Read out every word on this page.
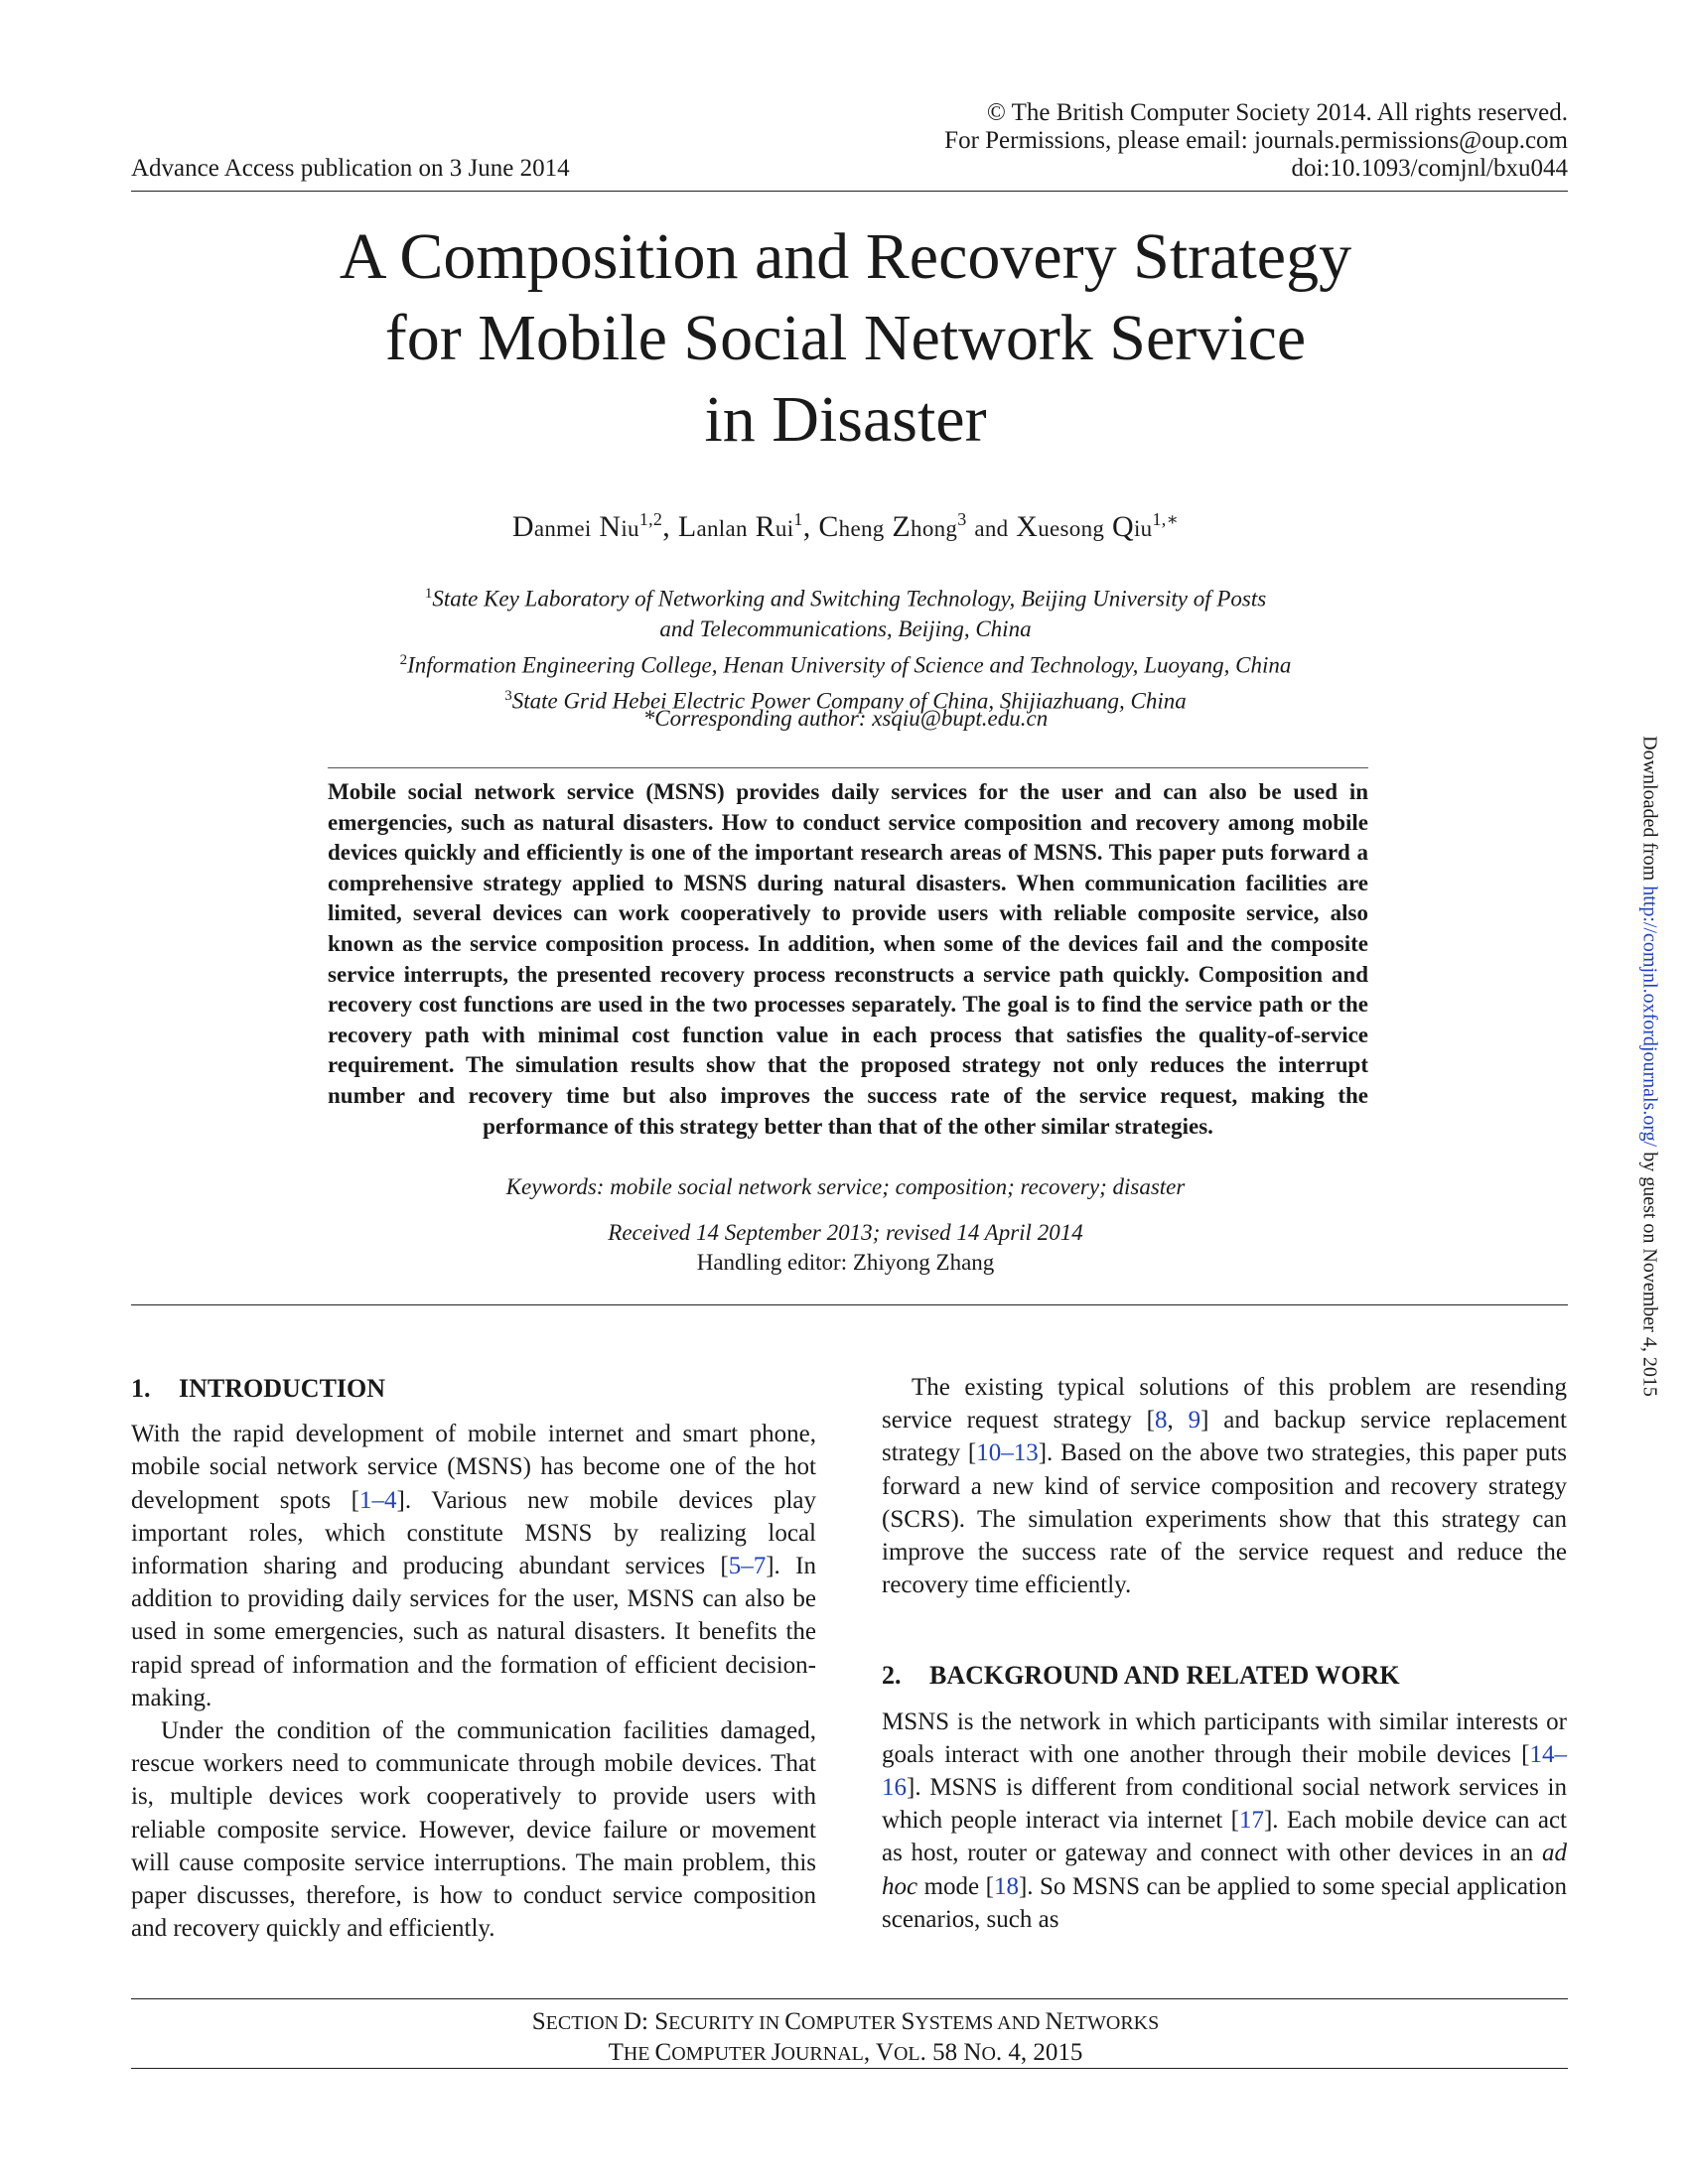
© The British Computer Society 2014. All rights reserved.
For Permissions, please email: journals.permissions@oup.com
doi:10.1093/comjnl/bxu044
Advance Access publication on 3 June 2014
A Composition and Recovery Strategy
for Mobile Social Network Service
in Disaster
Danmei Niu$^{1,2}$, Lanlan Rui$^1$, Cheng Zhong$^3$ and Xuesong Qiu$^{1,∗}$
$^1$State Key Laboratory of Networking and Switching Technology, Beijing University of Posts
and Telecommunications, Beijing, China
$^2$Information Engineering College, Henan University of Science and Technology, Luoyang, China
$^3$State Grid Hebei Electric Power Company of China, Shijiazhuang, China
*Corresponding author: xsqiu@bupt.edu.cn
Mobile social network service (MSNS) provides daily services for the user and can also be used in emergencies, such as natural disasters. How to conduct service composition and recovery among mobile devices quickly and efficiently is one of the important research areas of MSNS. This paper puts forward a comprehensive strategy applied to MSNS during natural disasters. When communication facilities are limited, several devices can work cooperatively to provide users with reliable composite service, also known as the service composition process. In addition, when some of the devices fail and the composite service interrupts, the presented recovery process reconstructs a service path quickly. Composition and recovery cost functions are used in the two processes separately. The goal is to find the service path or the recovery path with minimal cost function value in each process that satisfies the quality-of-service requirement. The simulation results show that the proposed strategy not only reduces the interrupt number and recovery time but also improves the success rate of the service request, making the performance of this strategy better than that of the other similar strategies.
Keywords: mobile social network service; composition; recovery; disaster
Received 14 September 2013; revised 14 April 2014
Handling editor: Zhiyong Zhang

1. INTRODUCTION

With the rapid development of mobile internet and smart phone, mobile social network service (MSNS) has become one of the hot development spots [1–4]. Various new mobile devices play important roles, which constitute MSNS by realizing local information sharing and producing abundant services [5–7]. In addition to providing daily services for the user, MSNS can also be used in some emergencies, such as natural disasters. It benefits the rapid spread of information and the formation of efficient decision-making.

Under the condition of the communication facilities damaged, rescue workers need to communicate through mobile devices. That is, multiple devices work cooperatively to provide users with reliable composite service. However, device failure or movement will cause composite service interruptions. The main problem, this paper discusses, therefore, is how to conduct service composition and recovery quickly and efficiently.

The existing typical solutions of this problem are resending service request strategy [8, 9] and backup service replacement strategy [10–13]. Based on the above two strategies, this paper puts forward a new kind of service composition and recovery strategy (SCRS). The simulation experiments show that this strategy can improve the success rate of the service request and reduce the recovery time efficiently.

2. BACKGROUND AND RELATED WORK

MSNS is the network in which participants with similar interests or goals interact with one another through their mobile devices [14–16]. MSNS is different from conditional social network services in which people interact via internet [17]. Each mobile device can act as host, router or gateway and connect with other devices in an ad hoc mode [18]. So MSNS can be applied to some special application scenarios, such as

SECTION D: SECURITY IN COMPUTER SYSTEMS AND NETWORKS
THE COMPUTER JOURNAL, VOL. 58 NO. 4, 2015
Downloaded from http://comjnl.oxfordjournals.org/ by guest on November 4, 2015
